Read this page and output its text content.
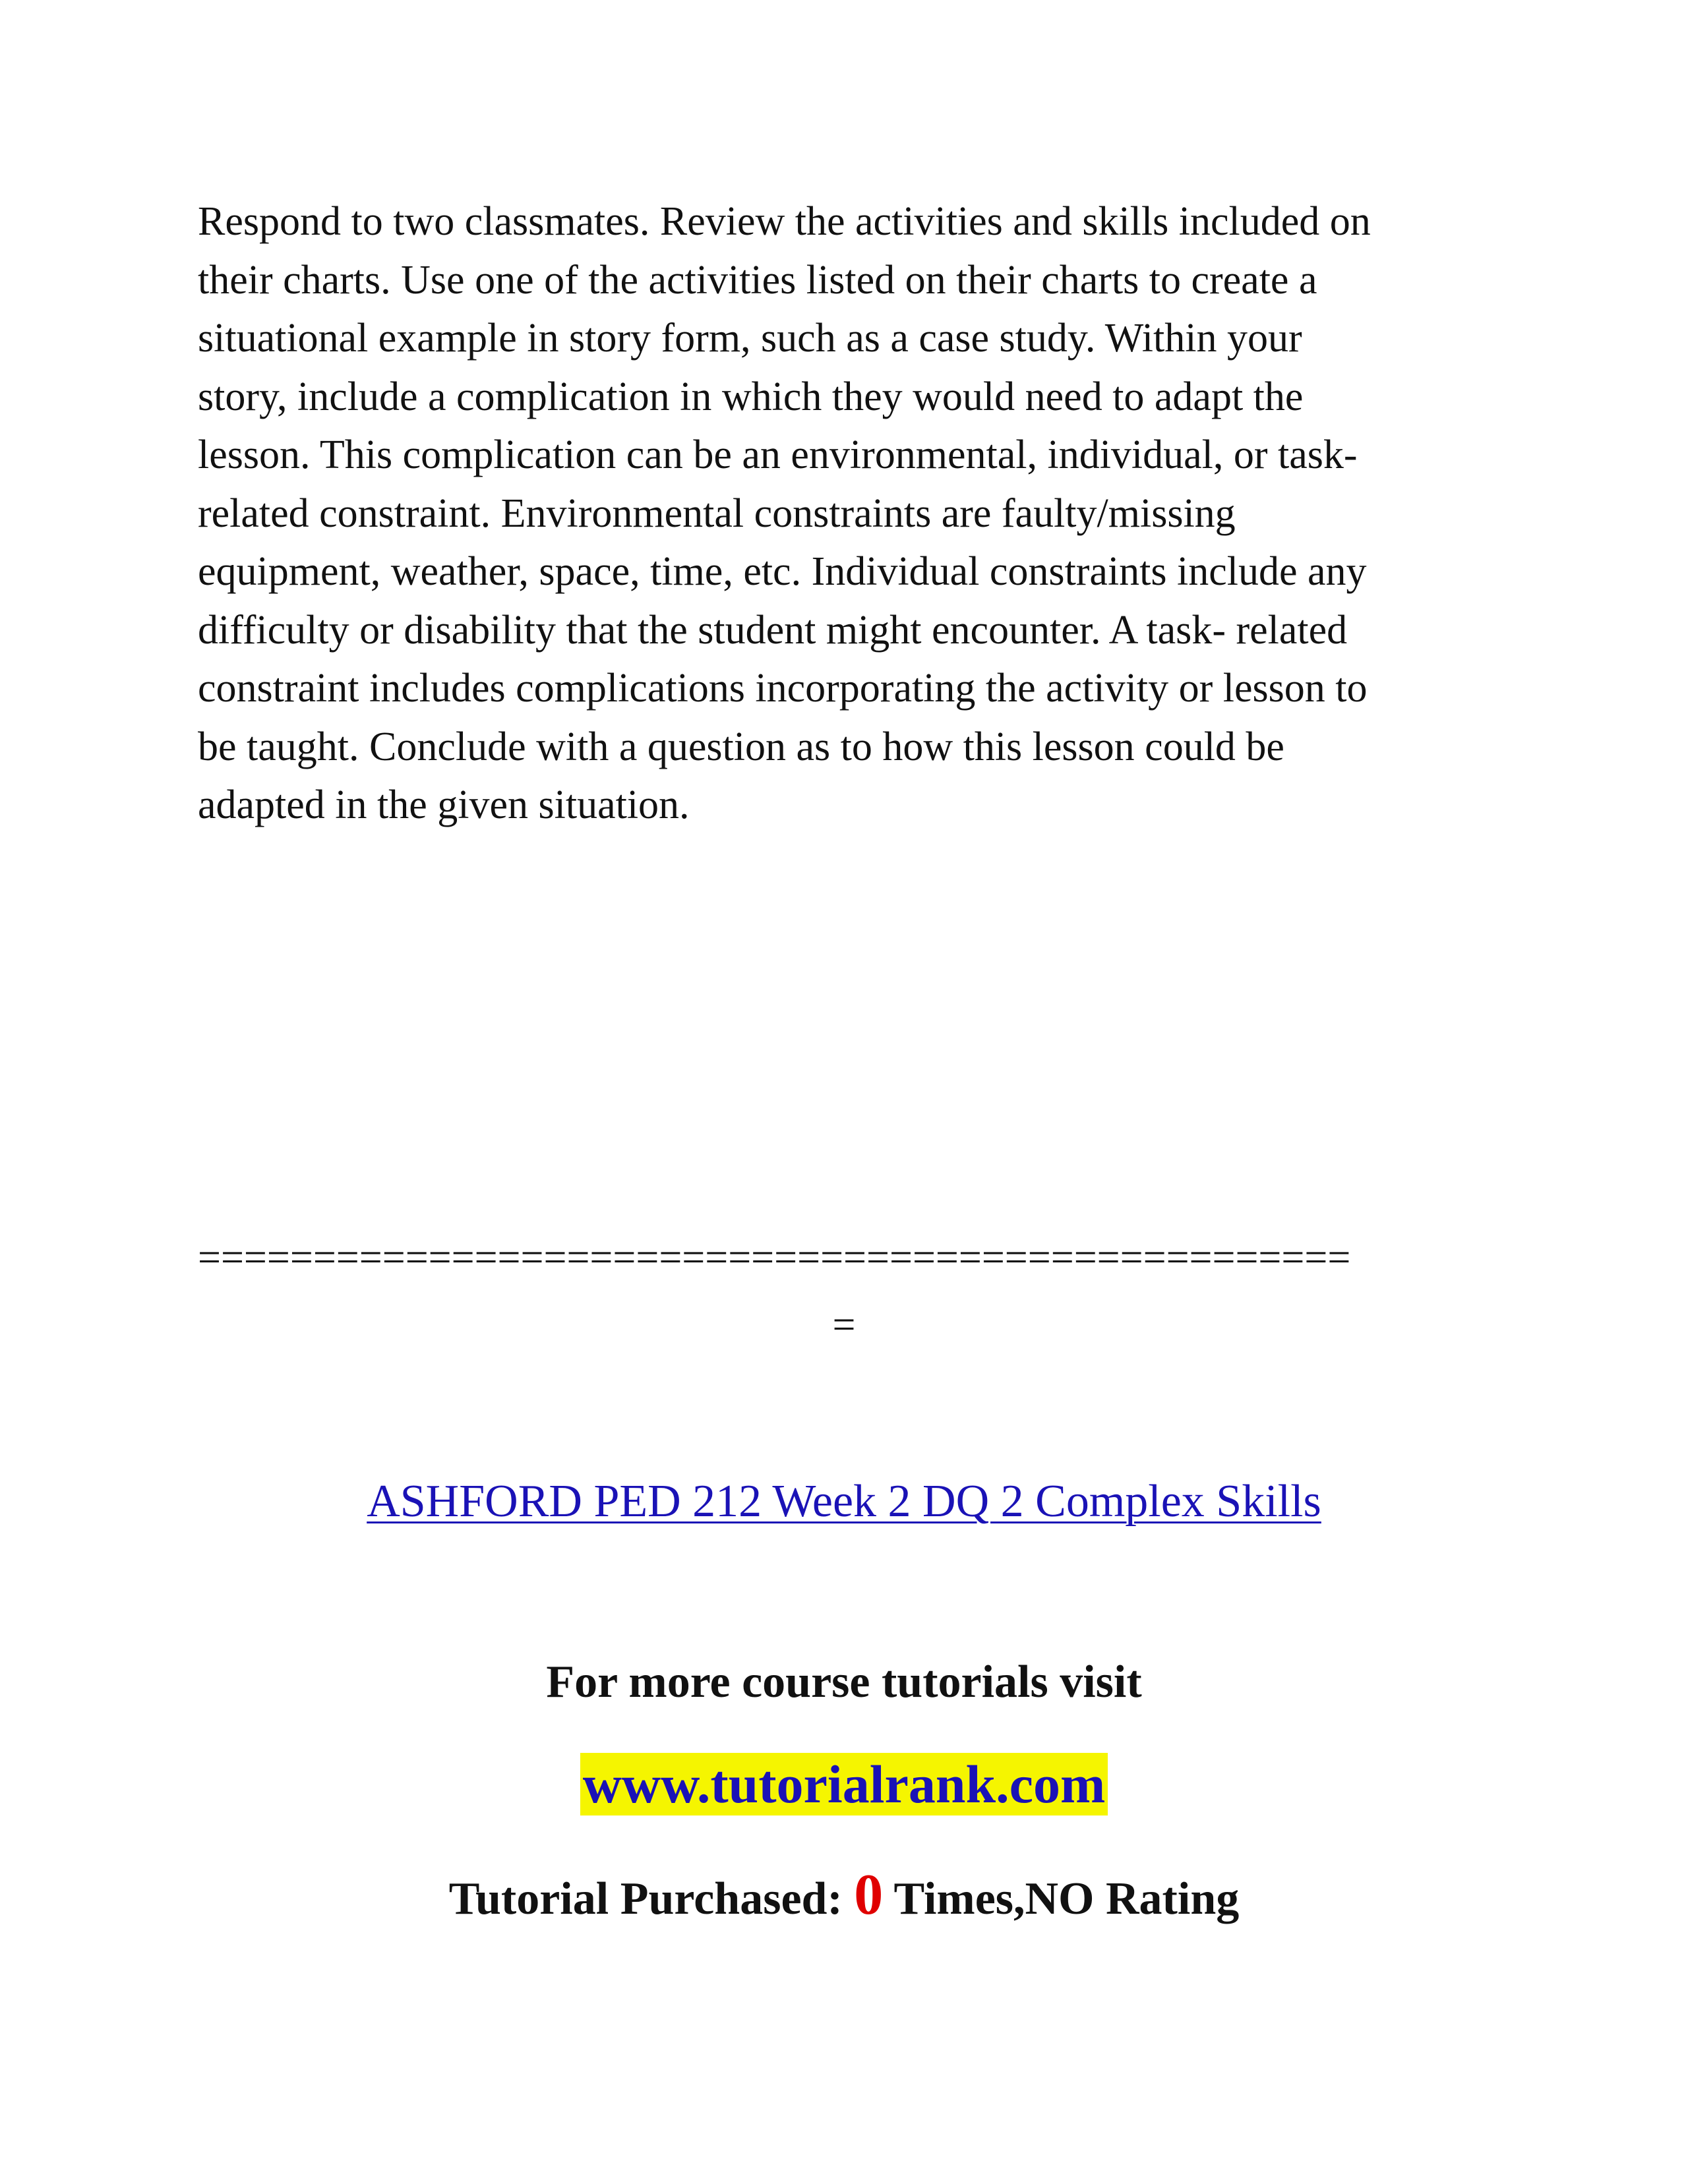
Respond to two classmates. Review the activities and skills included on
their charts. Use one of the activities listed on their charts to create a
situational example in story form, such as a case study. Within your
story, include a complication in which they would need to adapt the
lesson. This complication can be an environmental, individual, or task-
related constraint. Environmental constraints are faulty/missing
equipment, weather, space, time, etc. Individual constraints include any
difficulty or disability that the student might encounter. A task- related
constraint includes complications incorporating the activity or lesson to
be taught. Conclude with a question as to how this lesson could be
adapted in the given situation.

==================================================
=
ASHFORD PED 212 Week 2 DQ 2 Complex Skills
For more course tutorials visit
www.tutorialrank.com
Tutorial Purchased: 0 Times,NO Rating
